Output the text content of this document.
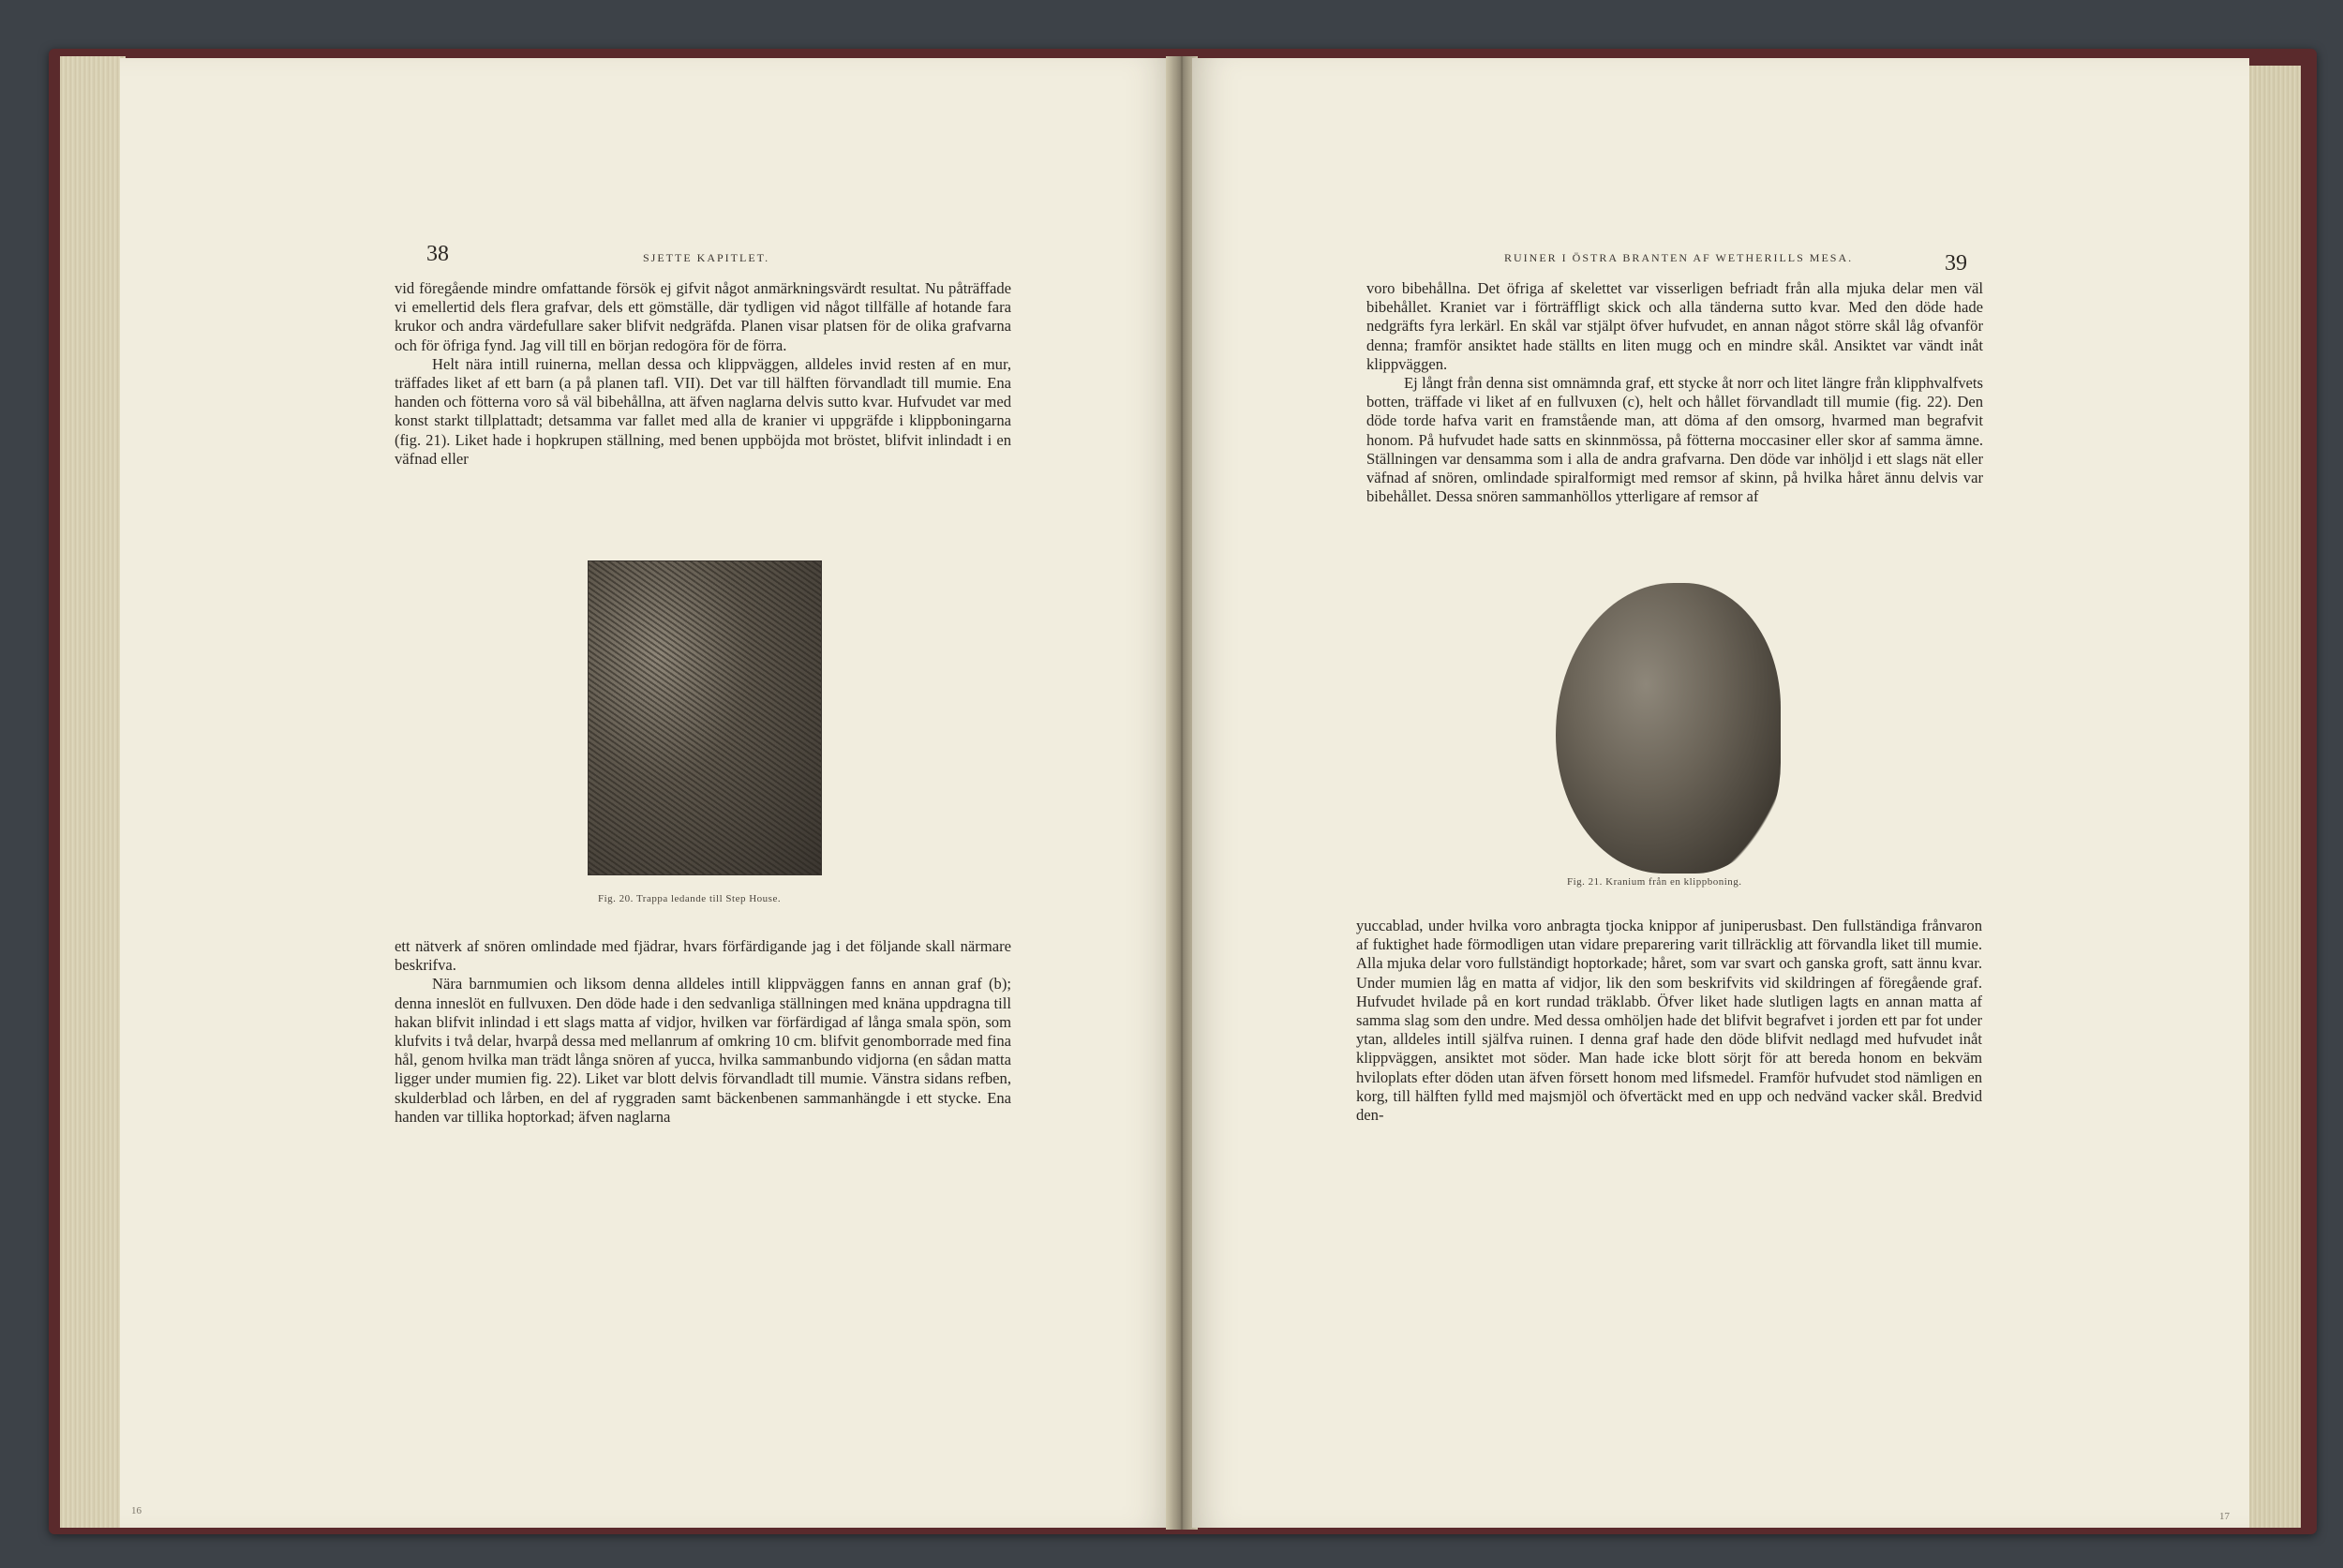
38	SJETTE KAPITLET.

vid föregående mindre omfattande försök ej gifvit något anmärkningsvärdt resultat. Nu påträffade vi emellertid dels flera grafvar, dels ett gömställe, där tydligen vid något tillfälle af hotande fara krukor och andra värdefullare saker blifvit nedgräfda. Planen visar platsen för de olika grafvarna och för öfriga fynd. Jag vill till en början redogöra för de förra.

Helt nära intill ruinerna, mellan dessa och klippväggen, alldeles invid resten af en mur, träffades liket af ett barn (a på planen tafl. VII). Det var till hälften förvandladt till mumie. Ena handen och fötterna voro så väl bibehållna, att äfven naglarna delvis sutto kvar. Hufvudet var med konst starkt tillplattadt; detsamma var fallet med alla de kranier vi uppgräfde i klippboningarna (fig. 21). Liket hade i hopkrupen ställning, med benen uppböjda mot bröstet, blifvit inlindadt i en väfnad eller

Fig. 20. Trappa ledande till Step House.

ett nätverk af snören omlindade med fjädrar, hvars förfärdigande jag i det följande skall närmare beskrifva.

Nära barnmumien och liksom denna alldeles intill klippväggen fanns en annan graf (b); denna inneslöt en fullvuxen. Den döde hade i den sedvanliga ställningen med knäna uppdragna till hakan blifvit inlindad i ett slags matta af vidjor, hvilken var förfärdigad af långa smala spön, som klufvits i två delar, hvarpå dessa med mellanrum af omkring 10 cm. blifvit genomborrade med fina hål, genom hvilka man trädt långa snören af yucca, hvilka sammanbundo vidjorna (en sådan matta ligger under mumien fig. 22). Liket var blott delvis förvandladt till mumie. Vänstra sidans refben, skulderblad och lårben, en del af ryggraden samt bäckenbenen sammanhängde i ett stycke. Ena handen var tillika hoptorkad; äfven naglarna

16
RUINER I ÖSTRA BRANTEN AF WETHERILLS MESA.	39

voro bibehållna. Det öfriga af skelettet var visserligen befriadt från alla mjuka delar men väl bibehållet. Kraniet var i förträffligt skick och alla tänderna sutto kvar. Med den döde hade nedgräfts fyra lerkärl. En skål var stjälpt öfver hufvudet, en annan något större skål låg ofvanför denna; framför ansiktet hade ställts en liten mugg och en mindre skål. Ansiktet var vändt inåt klippväggen.

Ej långt från denna sist omnämnda graf, ett stycke åt norr och litet längre från klipphvalfvets botten, träffade vi liket af en fullvuxen (c), helt och hållet förvandladt till mumie (fig. 22). Den döde torde hafva varit en framstående man, att döma af den omsorg, hvarmed man begrafvit honom. På hufvudet hade satts en skinnmössa, på fötterna moccasiner eller skor af samma ämne. Ställningen var densamma som i alla de andra grafvarna. Den döde var inhöljd i ett slags nät eller väfnad af snören, omlindade spiralformigt med remsor af skinn, på hvilka håret ännu delvis var bibehållet. Dessa snören sammanhöllos ytterligare af remsor af

Fig. 21. Kranium från en klippboning.

yuccablad, under hvilka voro anbragta tjocka knippor af juniperusbast. Den fullständiga frånvaron af fuktighet hade förmodligen utan vidare preparering varit tillräcklig att förvandla liket till mumie. Alla mjuka delar voro fullständigt hoptorkade; håret, som var svart och ganska groft, satt ännu kvar. Under mumien låg en matta af vidjor, lik den som beskrifvits vid skildringen af föregående graf. Hufvudet hvilade på en kort rundad träklabb. Öfver liket hade slutligen lagts en annan matta af samma slag som den undre. Med dessa omhöljen hade det blifvit begrafvet i jorden ett par fot under ytan, alldeles intill själfva ruinen. I denna graf hade den döde blifvit nedlagd med hufvudet inåt klippväggen, ansiktet mot söder. Man hade icke blott sörjt för att bereda honom en bekväm hviloplats efter döden utan äfven försett honom med lifsmedel. Framför hufvudet stod nämligen en korg, till hälften fylld med majsmjöl och öfvertäckt med en upp och nedvänd vacker skål. Bredvid den-

17
